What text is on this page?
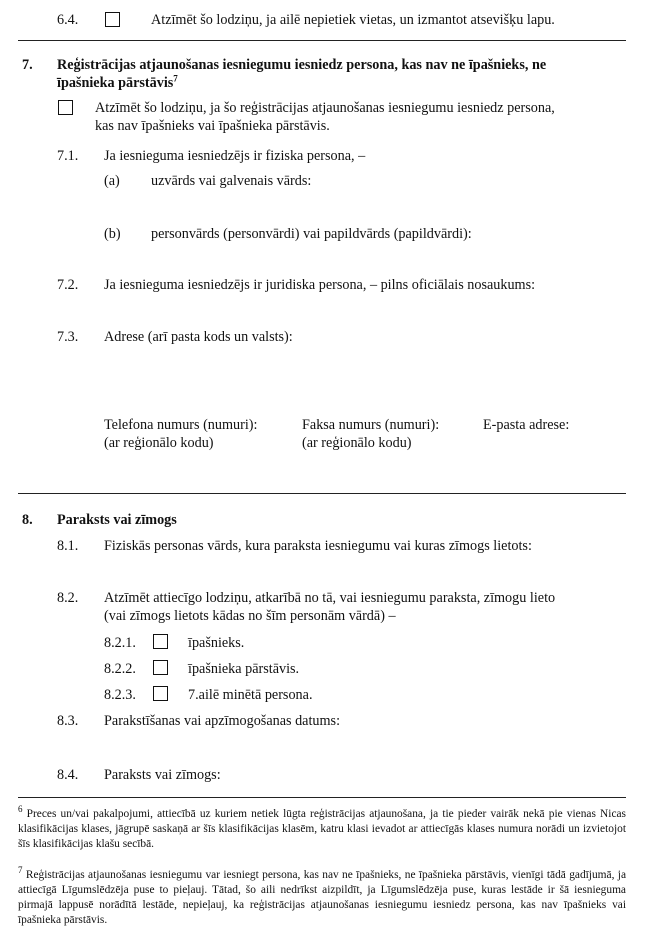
6.4.	Atzīmēt šo lodziņu, ja ailē nepietiek vietas, un izmantot atsevišķu lapu.
7. Reģistrācijas atjaunošanas iesniegumu iesniedz persona, kas nav ne īpašnieks, ne
īpašnieka pārstāvis$^7$
Atzīmēt šo lodziņu, ja šo reģistrācijas atjaunošanas iesniegumu iesniedz persona,
kas nav īpašnieks vai īpašnieka pārstāvis.
7.1. Ja iesnieguma iesniedzējs ir fiziska persona, –
(a) uzvārds vai galvenais vārds:
(b) personvārds (personvārdi) vai papildvārds (papildvārdi):
7.2. Ja iesnieguma iesniedzējs ir juridiska persona, – pilns oficiālais nosaukums:
7.3. Adrese (arī pasta kods un valsts):
Telefona numurs (numuri):
(ar reģionālo kodu)
Faksa numurs (numuri):
(ar reģionālo kodu)
E-pasta adrese:
8. Paraksts vai zīmogs
8.1. Fiziskās personas vārds, kura paraksta iesniegumu vai kuras zīmogs lietots:
8.2. Atzīmēt attiecīgo lodziņu, atkarībā no tā, vai iesniegumu paraksta, zīmogu lieto
(vai zīmogs lietots kādas no šīm personām vārdā) –
8.2.1.	īpašnieks.
8.2.2.	īpašnieka pārstāvis.
8.2.3.	7.ailē minētā persona.
8.3. Parakstīšanas vai apzīmogošanas datums:
8.4. Paraksts vai zīmogs:
$^6$ Preces un/vai pakalpojumi, attiecībā uz kuriem netiek lūgta reģistrācijas atjaunošana, ja tie pieder vairāk nekā pie vienas Nicas klasifikācijas klases, jāgrupē saskaņā ar šīs klasifikācijas klasēm, katru klasi ievadot ar attiecīgās klases numura norādi un izvietojot šīs klasifikācijas klašu secībā.
$^7$ Reģistrācijas atjaunošanas iesniegumu var iesniegt persona, kas nav ne īpašnieks, ne īpašnieka pārstāvis, vienīgi tādā gadījumā, ja attiecīgā Līgumslēdzēja puse to pieļauj. Tātad, šo aili nedrīkst aizpildīt, ja Līgumslēdzēja puse, kuras lestāde ir šā iesnieguma pirmajā lappusē norādītā lestāde, nepieļauj, ka reģistrācijas atjaunošanas iesniegumu iesniedz persona, kas nav īpašnieks vai īpašnieka pārstāvis.
